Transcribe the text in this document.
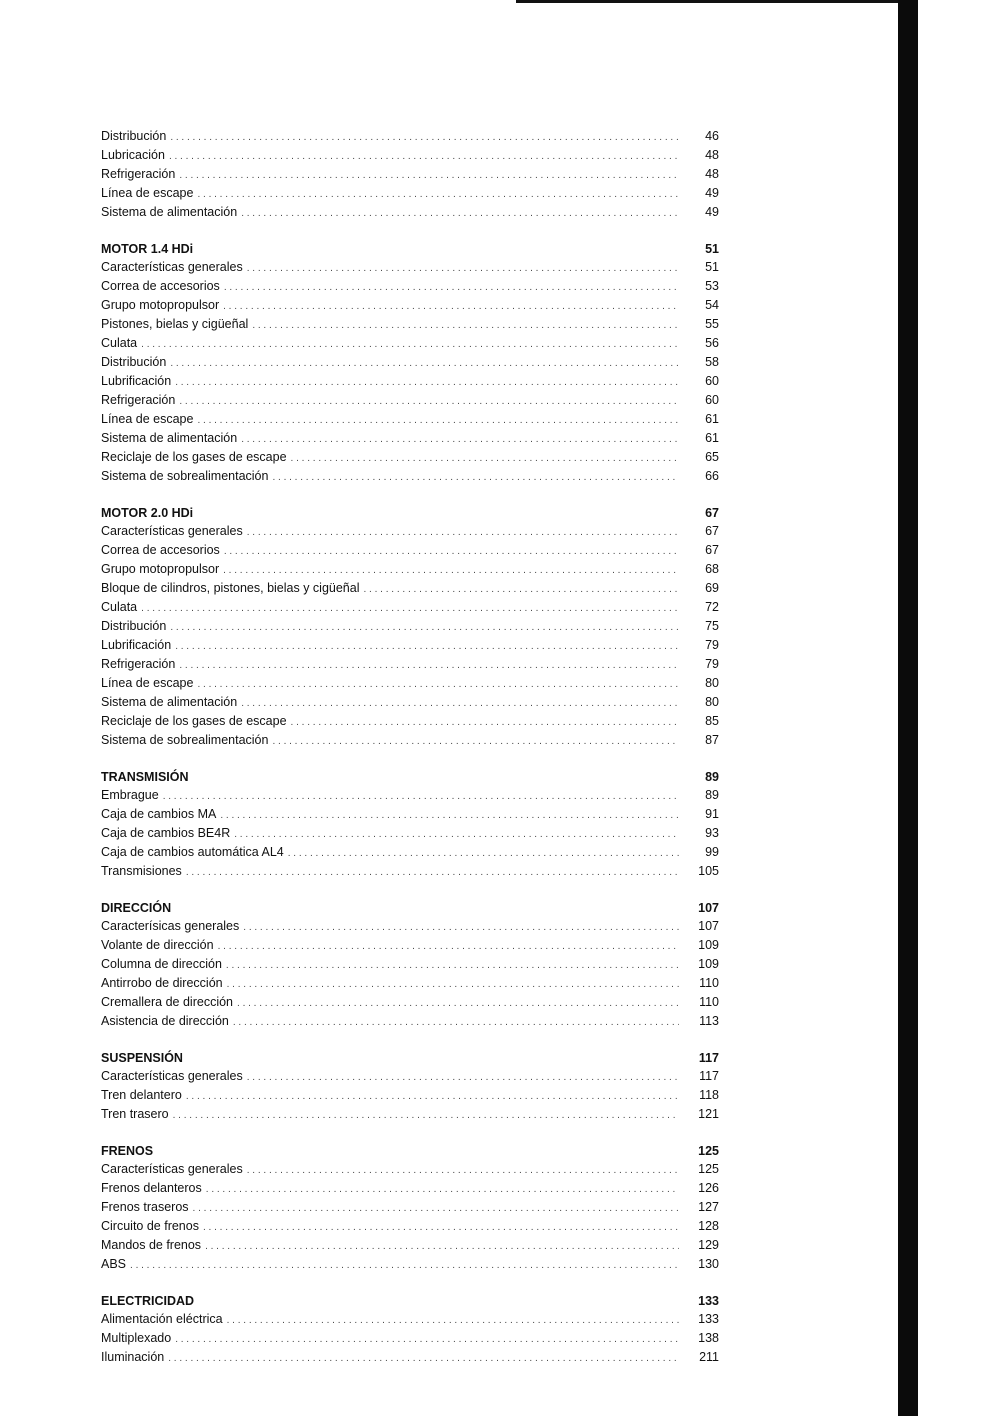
Distribución . . .	46
Lubricación . . .	48
Refrigeración . . .	48
Línea de escape . . .	49
Sistema de alimentación . . .	49
MOTOR 1.4 HDi	51
Características generales . . .	51
Correa de accesorios . . .	53
Grupo motopropulsor . . .	54
Pistones, bielas y cigüeñal . . .	55
Culata . . .	56
Distribución . . .	58
Lubrificación . . .	60
Refrigeración . . .	60
Línea de escape . . .	61
Sistema de alimentación . . .	61
Reciclaje de los gases de escape . . .	65
Sistema de sobrealimentación . . .	66
MOTOR 2.0 HDi	67
Características generales . . .	67
Correa de accesorios . . .	67
Grupo motopropulsor . . .	68
Bloque de cilindros, pistones, bielas y cigüeñal . . .	69
Culata . . .	72
Distribución . . .	75
Lubrificación . . .	79
Refrigeración . . .	79
Línea de escape . . .	80
Sistema de alimentación . . .	80
Reciclaje de los gases de escape . . .	85
Sistema de sobrealimentación . . .	87
TRANSMISIÓN	89
Embrague . . .	89
Caja de cambios MA . . .	91
Caja de cambios BE4R . . .	93
Caja de cambios automática AL4 . . .	99
Transmisiones . . .	105
DIRECCIÓN	107
Caracterísicas generales . . .	107
Volante de dirección . . .	109
Columna de dirección . . .	109
Antirrobo de dirección . . .	110
Cremallera de dirección . . .	110
Asistencia de dirección . . .	113
SUSPENSIÓN	117
Características generales . . .	117
Tren delantero . . .	118
Tren trasero . . .	121
FRENOS	125
Características generales . . .	125
Frenos delanteros . . .	126
Frenos traseros . . .	127
Circuito de frenos . . .	128
Mandos de frenos . . .	129
ABS . . .	130
ELECTRICIDAD	133
Alimentación eléctrica . . .	133
Multiplexado . . .	138
Iluminación . . .	211
